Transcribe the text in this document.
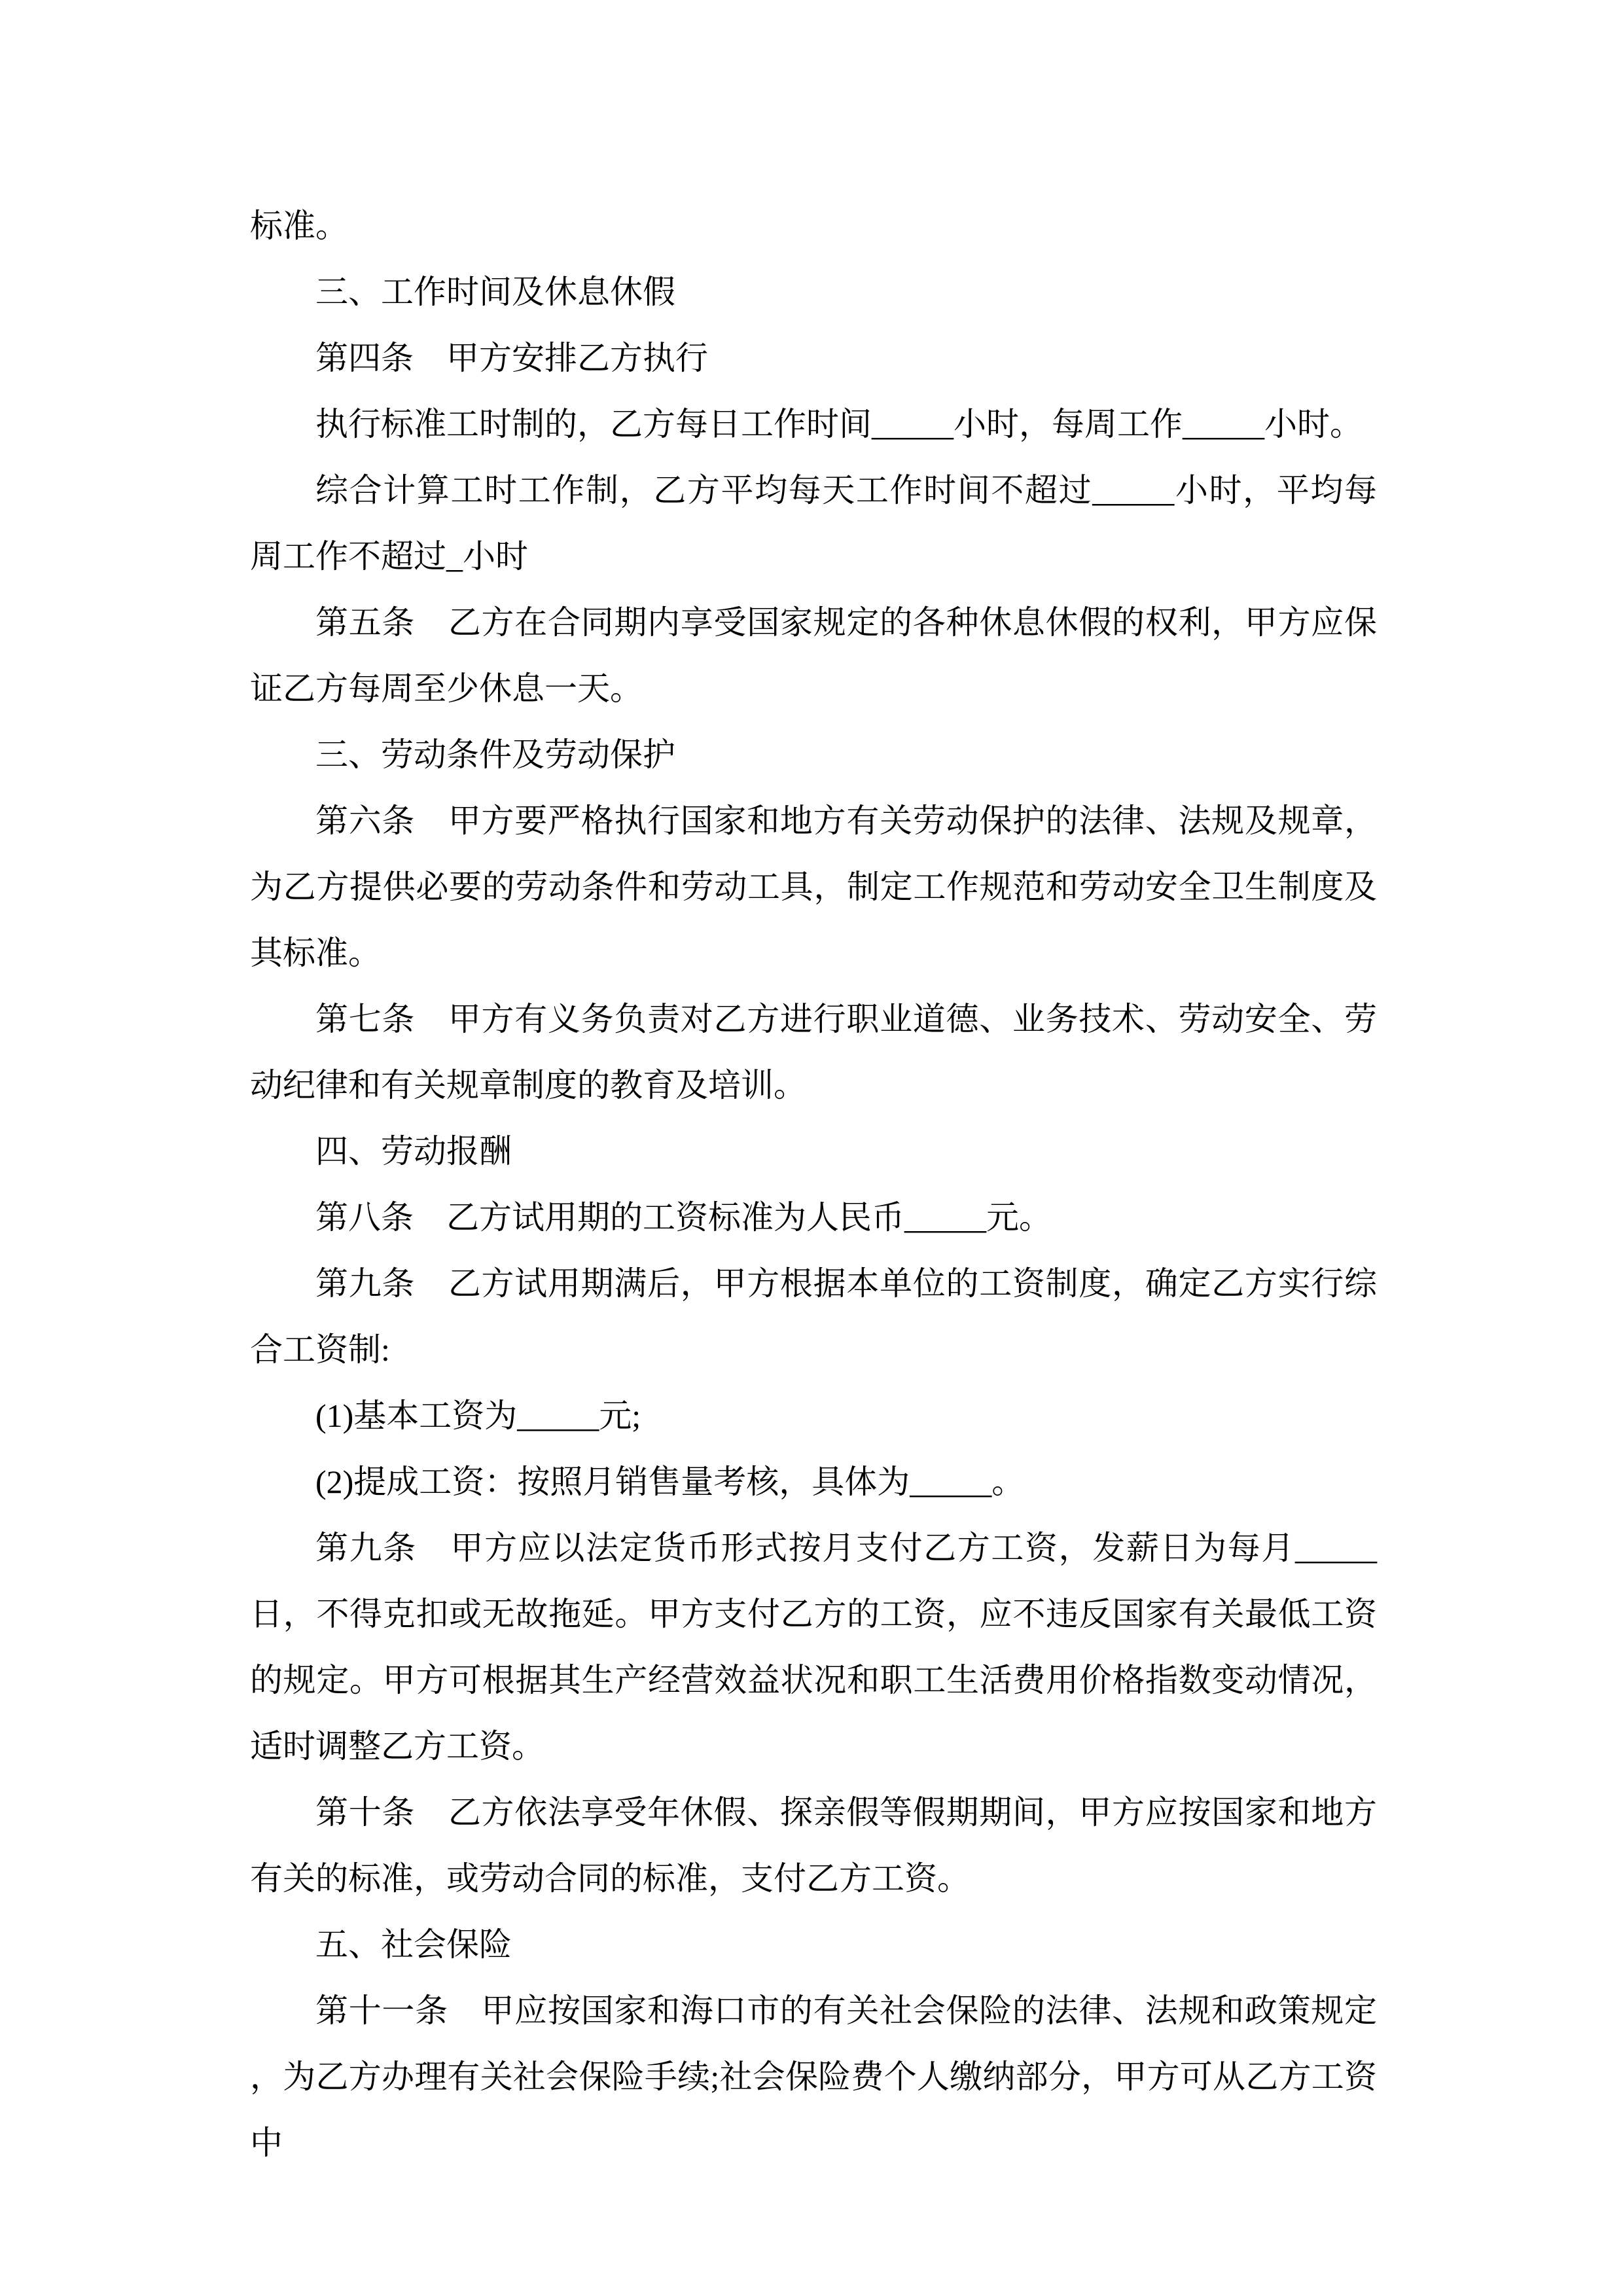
标准。

三、工作时间及休息休假

第四条　甲方安排乙方执行

执行标准工时制的，乙方每日工作时间_____小时，每周工作_____小时。

综合计算工时工作制，乙方平均每天工作时间不超过_____小时，平均每周工作不超过_小时

第五条　乙方在合同期内享受国家规定的各种休息休假的权利，甲方应保证乙方每周至少休息一天。

三、劳动条件及劳动保护

第六条　甲方要严格执行国家和地方有关劳动保护的法律、法规及规章，为乙方提供必要的劳动条件和劳动工具，制定工作规范和劳动安全卫生制度及其标准。

第七条　甲方有义务负责对乙方进行职业道德、业务技术、劳动安全、劳动纪律和有关规章制度的教育及培训。

四、劳动报酬

第八条　乙方试用期的工资标准为人民币_____元。

第九条　乙方试用期满后，甲方根据本单位的工资制度，确定乙方实行综合工资制:

(1)基本工资为_____元;

(2)提成工资：按照月销售量考核，具体为_____。

第九条　甲方应以法定货币形式按月支付乙方工资，发薪日为每月_____日，不得克扣或无故拖延。甲方支付乙方的工资，应不违反国家有关最低工资的规定。甲方可根据其生产经营效益状况和职工生活费用价格指数变动情况，适时调整乙方工资。

第十条　乙方依法享受年休假、探亲假等假期期间，甲方应按国家和地方有关的标准，或劳动合同的标准，支付乙方工资。

五、社会保险

第十一条　甲应按国家和海口市的有关社会保险的法律、法规和政策规定，为乙方办理有关社会保险手续;社会保险费个人缴纳部分，甲方可从乙方工资中
